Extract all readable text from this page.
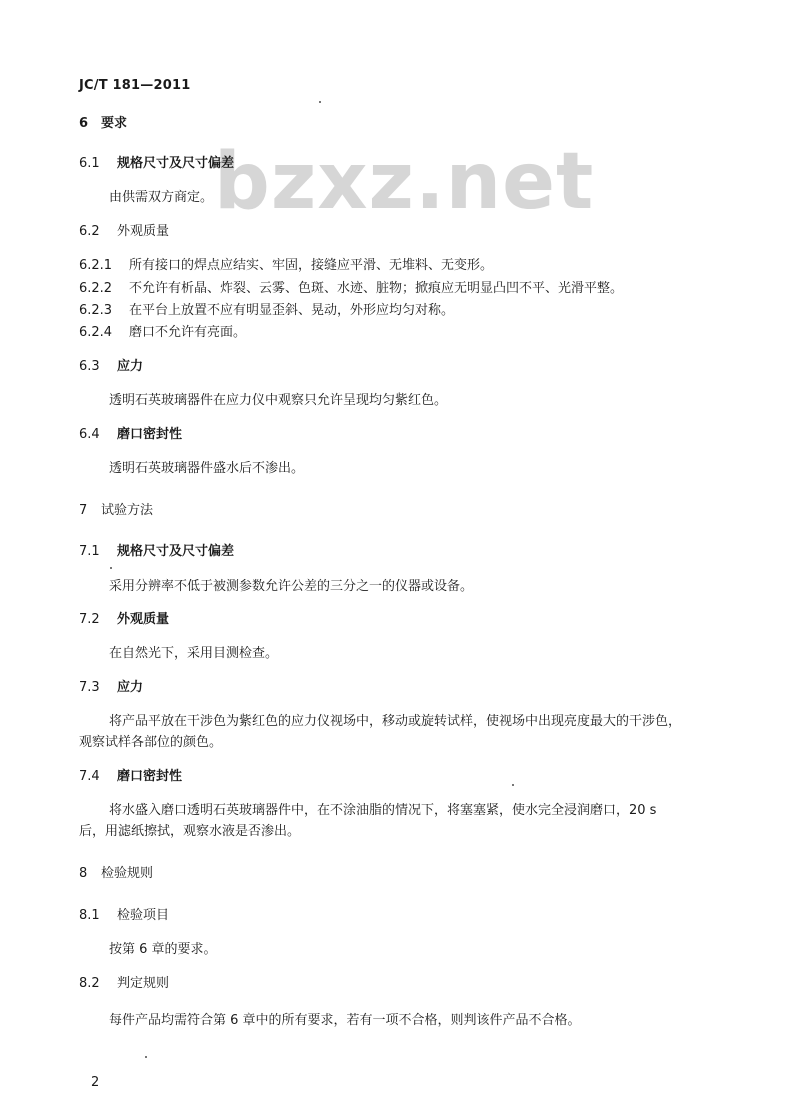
bzxz.net
JC/T 181—2011
6 要求
6.1 规格尺寸及尺寸偏差
由供需双方商定。
6.2 外观质量
6.2.1 所有接口的焊点应结实、牢固，接缝应平滑、无堆料、无变形。
6.2.2 不允许有析晶、炸裂、云雾、色斑、水迹、脏物；掀痕应无明显凸凹不平、光滑平整。
6.2.3 在平台上放置不应有明显歪斜、晃动，外形应均匀对称。
6.2.4 磨口不允许有亮面。
6.3 应力
透明石英玻璃器件在应力仪中观察只允许呈现均匀紫红色。
6.4 磨口密封性
透明石英玻璃器件盛水后不渗出。
7 试验方法
7.1 规格尺寸及尺寸偏差
采用分辨率不低于被测参数允许公差的三分之一的仪器或设备。
7.2 外观质量
在自然光下，采用目测检查。
7.3 应力
将产品平放在干涉色为紫红色的应力仪视场中，移动或旋转试样，使视场中出现亮度最大的干涉色，
观察试样各部位的颜色。
7.4 磨口密封性
将水盛入磨口透明石英玻璃器件中，在不涂油脂的情况下，将塞塞紧，使水完全浸润磨口，20 s
后，用滤纸擦拭，观察水液是否渗出。
8 检验规则
8.1 检验项目
按第 6 章的要求。
8.2 判定规则
每件产品均需符合第 6 章中的所有要求，若有一项不合格，则判该件产品不合格。
2
